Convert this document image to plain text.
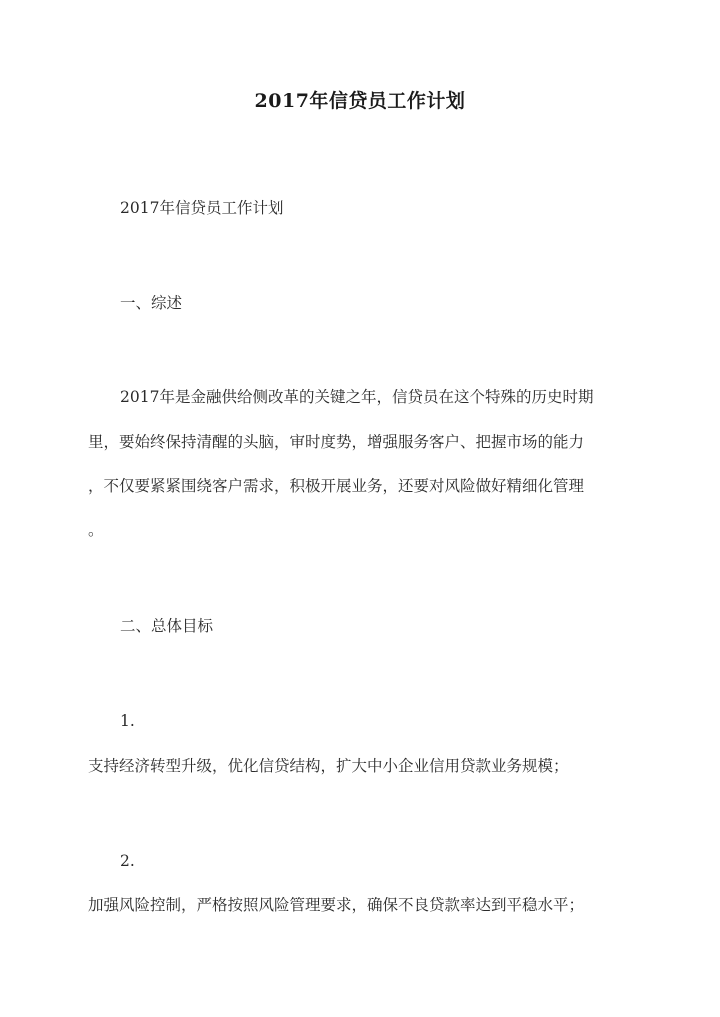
2017年信贷员工作计划
2017年信贷员工作计划
一、综述
2017年是金融供给侧改革的关键之年，信贷员在这个特殊的历史时期
里，要始终保持清醒的头脑，审时度势，增强服务客户、把握市场的能力
，不仅要紧紧围绕客户需求，积极开展业务，还要对风险做好精细化管理
。
二、总体目标
1.
支持经济转型升级，优化信贷结构，扩大中小企业信用贷款业务规模；
2.
加强风险控制，严格按照风险管理要求，确保不良贷款率达到平稳水平；
